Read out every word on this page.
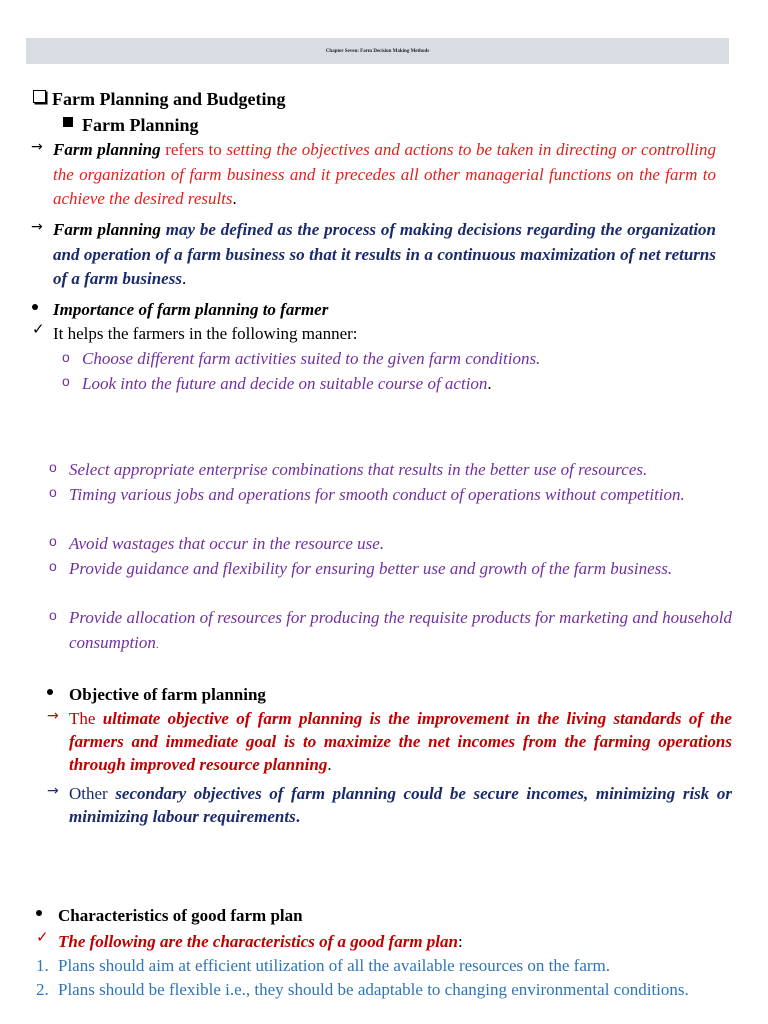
Chapter Seven: Farm Decision Making Methods
Farm Planning and Budgeting
Farm Planning
→ Farm planning refers to setting the objectives and actions to be taken in directing or controlling the organization of farm business and it precedes all other managerial functions on the farm to achieve the desired results.
→ Farm planning may be defined as the process of making decisions regarding the organization and operation of a farm business so that it results in a continuous maximization of net returns of a farm business.
Importance of farm planning to farmer
✓ It helps the farmers in the following manner:
o Choose different farm activities suited to the given farm conditions.
o Look into the future and decide on suitable course of action.
o Select appropriate enterprise combinations that results in the better use of resources.
o Timing various jobs and operations for smooth conduct of operations without competition.
o Avoid wastages that occur in the resource use.
o Provide guidance and flexibility for ensuring better use and growth of the farm business.
o Provide allocation of resources for producing the requisite products for marketing and household consumption.
Objective of farm planning
→ The ultimate objective of farm planning is the improvement in the living standards of the farmers and immediate goal is to maximize the net incomes from the farming operations through improved resource planning.
→ Other secondary objectives of farm planning could be secure incomes, minimizing risk or minimizing labour requirements.
Characteristics of good farm plan
✓ The following are the characteristics of a good farm plan:
1. Plans should aim at efficient utilization of all the available resources on the farm.
2. Plans should be flexible i.e., they should be adaptable to changing environmental conditions.
